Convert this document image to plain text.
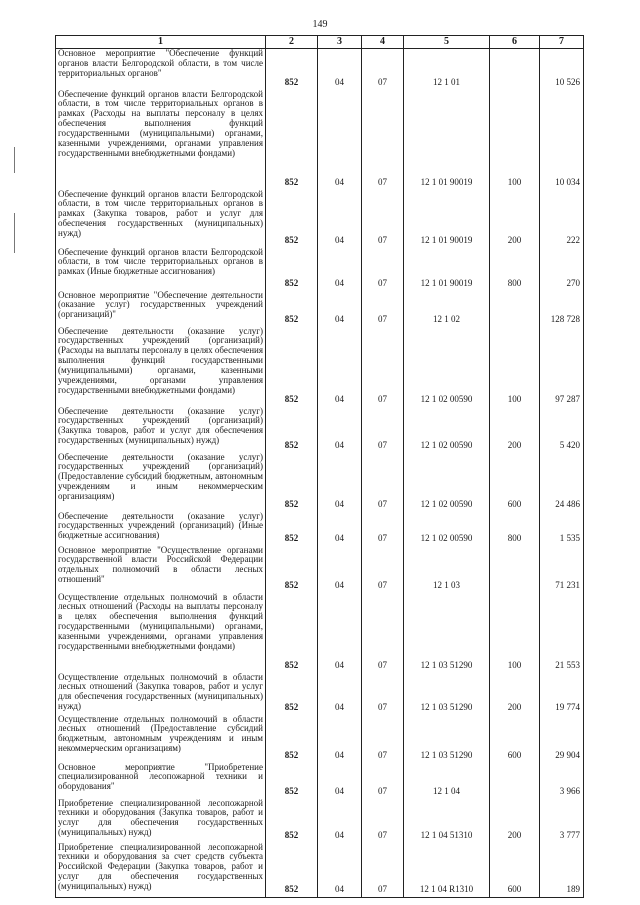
149
1	2	3	4	5	6	7
Основное мероприятие "Обеспечение функций органов власти Белгородской области, в том числе территориальных органов"	852	04	07	12 1 01		10 526
Обеспечение функций органов власти Белгородской области, в том числе территориальных органов в рамках (Расходы на выплаты персоналу в целях обеспечения выполнения функций государственными (муниципальными) органами, казенными учреждениями, органами управления государственными внебюджетными фондами)	852	04	07	12 1 01 90019	100	10 034
Обеспечение функций органов власти Белгородской области, в том числе территориальных органов в рамках (Закупка товаров, работ и услуг для обеспечения государственных (муниципальных) нужд)	852	04	07	12 1 01 90019	200	222
Обеспечение функций органов власти Белгородской области, в том числе территориальных органов в рамках (Иные бюджетные ассигнования)	852	04	07	12 1 01 90019	800	270
Основное мероприятие "Обеспечение деятельности (оказание услуг) государственных учреждений (организаций)"	852	04	07	12 1 02		128 728
Обеспечение деятельности (оказание услуг) государственных учреждений (организаций) (Расходы на выплаты персоналу в целях обеспечения выполнения функций государственными (муниципальными) органами, казенными учреждениями, органами управления государственными внебюджетными фондами)	852	04	07	12 1 02 00590	100	97 287
Обеспечение деятельности (оказание услуг) государственных учреждений (организаций) (Закупка товаров, работ и услуг для обеспечения государственных (муниципальных) нужд)	852	04	07	12 1 02 00590	200	5 420
Обеспечение деятельности (оказание услуг) государственных учреждений (организаций) (Предоставление субсидий бюджетным, автономным учреждениям и иным некоммерческим организациям)	852	04	07	12 1 02 00590	600	24 486
Обеспечение деятельности (оказание услуг) государственных учреждений (организаций) (Иные бюджетные ассигнования)	852	04	07	12 1 02 00590	800	1 535
Основное мероприятие "Осуществление органами государственной власти Российской Федерации отдельных полномочий в области лесных отношений"	852	04	07	12 1 03		71 231
Осуществление отдельных полномочий в области лесных отношений (Расходы на выплаты персоналу в целях обеспечения выполнения функций государственными (муниципальными) органами, казенными учреждениями, органами управления государственными внебюджетными фондами)	852	04	07	12 1 03 51290	100	21 553
Осуществление отдельных полномочий в области лесных отношений (Закупка товаров, работ и услуг для обеспечения государственных (муниципальных) нужд)	852	04	07	12 1 03 51290	200	19 774
Осуществление отдельных полномочий в области лесных отношений (Предоставление субсидий бюджетным, автономным учреждениям и иным некоммерческим организациям)	852	04	07	12 1 03 51290	600	29 904
Основное мероприятие "Приобретение специализированной лесопожарной техники и оборудования"	852	04	07	12 1 04		3 966
Приобретение специализированной лесопожарной техники и оборудования (Закупка товаров, работ и услуг для обеспечения государственных (муниципальных) нужд)	852	04	07	12 1 04 51310	200	3 777
Приобретение специализированной лесопожарной техники и оборудования за счет средств субъекта Российской Федерации (Закупка товаров, работ и услуг для обеспечения государственных (муниципальных) нужд)	852	04	07	12 1 04 R1310	600	189
